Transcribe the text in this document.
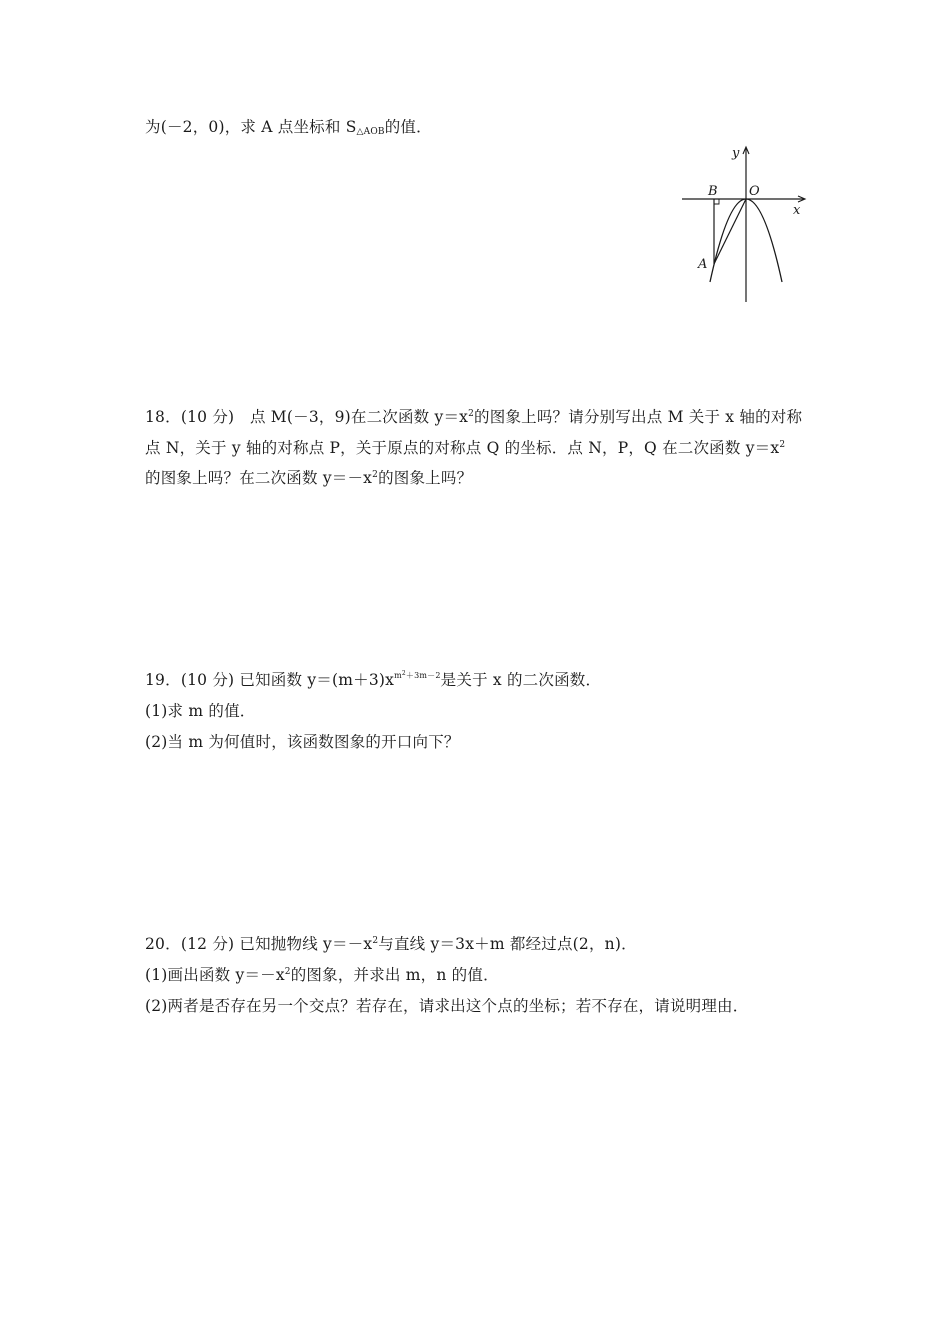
为(－2，0)，求 A 点坐标和 $S_{\triangle AOB}$的值．
y
x
O
B
A
18．(10 分)　点 M(－3，9)在二次函数 $y=x^2$的图象上吗？请分别写出点 M 关于 x 轴的对称
点 N，关于 y 轴的对称点 P，关于原点的对称点 Q 的坐标．点 N，P，Q 在二次函数 $y=x^2$
的图象上吗？在二次函数 $y=-x^2$的图象上吗？
19．(10 分) 已知函数 $y=(m+3)x^{m^2+3m-2}$是关于 x 的二次函数．
(1)求 m 的值．
(2)当 m 为何值时，该函数图象的开口向下？
20．(12 分) 已知抛物线 $y=-x^2$与直线 y＝3x＋m 都经过点(2，n)．
(1)画出函数 $y=-x^2$的图象，并求出 m，n 的值．
(2)两者是否存在另一个交点？若存在，请求出这个点的坐标；若不存在，请说明理由．
